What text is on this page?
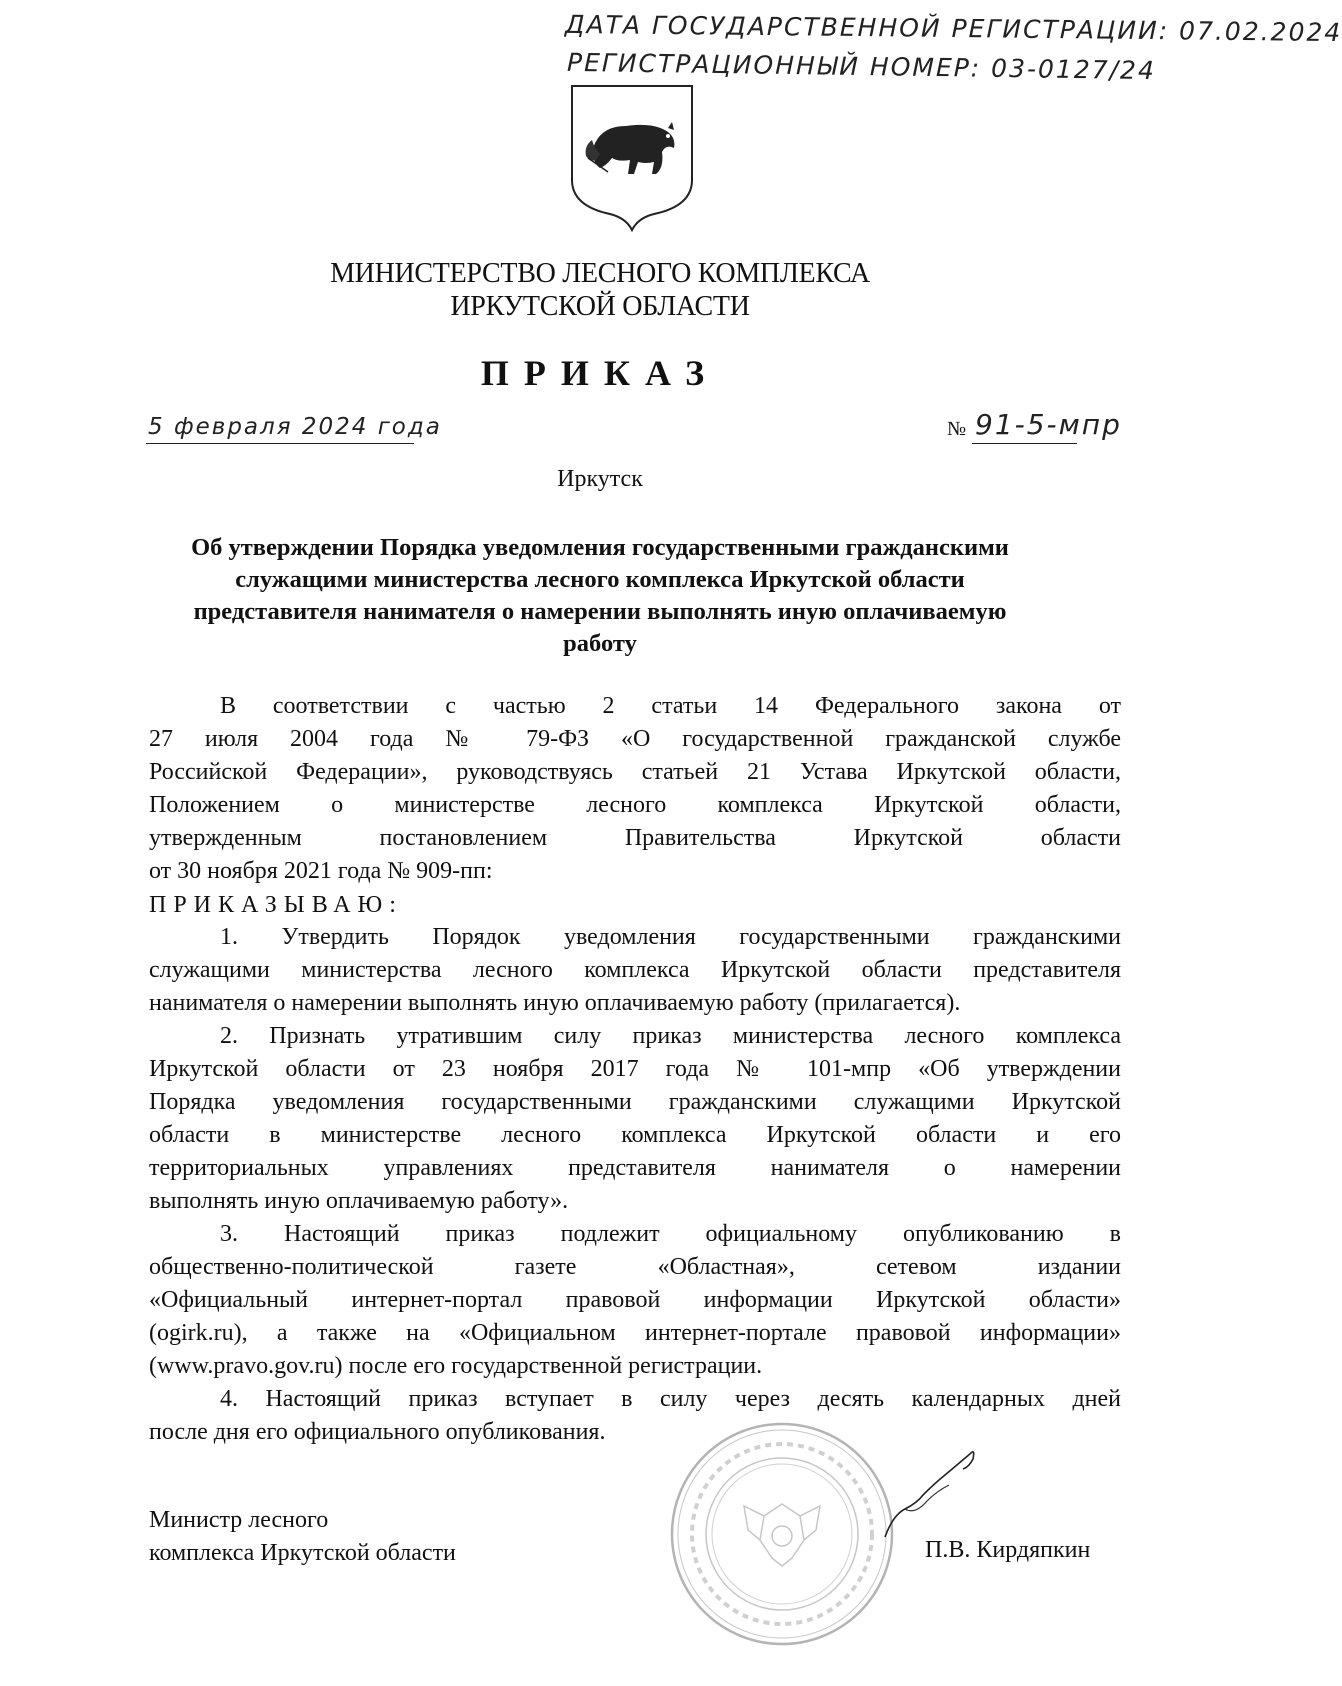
ДАТА ГОСУДАРСТВЕННОЙ РЕГИСТРАЦИИ: 07.02.2024
РЕГИСТРАЦИОННЫЙ НОМЕР: 03-0127/24
МИНИСТЕРСТВО ЛЕСНОГО КОМПЛЕКСА
ИРКУТСКОЙ ОБЛАСТИ
ПРИКАЗ
5 февраля 2024 года	№ 91-5-мпр
Иркутск
Об утверждении Порядка уведомления государственными гражданскими
служащими министерства лесного комплекса Иркутской области
представителя нанимателя о намерении выполнять иную оплачиваемую
работу
В соответствии с частью 2 статьи 14 Федерального закона от
27 июля 2004 года № 79-ФЗ «О государственной гражданской службе
Российской Федерации», руководствуясь статьей 21 Устава Иркутской области,
Положением о министерстве лесного комплекса Иркутской области,
утвержденным постановлением Правительства Иркутской области
от 30 ноября 2021 года № 909-пп:
ПРИКАЗЫВАЮ:
1. Утвердить Порядок уведомления государственными гражданскими
служащими министерства лесного комплекса Иркутской области представителя
нанимателя о намерении выполнять иную оплачиваемую работу (прилагается).
2. Признать утратившим силу приказ министерства лесного комплекса
Иркутской области от 23 ноября 2017 года № 101-мпр «Об утверждении
Порядка уведомления государственными гражданскими служащими Иркутской
области в министерстве лесного комплекса Иркутской области и его
территориальных управлениях представителя нанимателя о намерении
выполнять иную оплачиваемую работу».
3. Настоящий приказ подлежит официальному опубликованию в
общественно-политической газете «Областная», сетевом издании
«Официальный интернет-портал правовой информации Иркутской области»
(ogirk.ru), а также на «Официальном интернет-портале правовой информации»
(www.pravo.gov.ru) после его государственной регистрации.
4. Настоящий приказ вступает в силу через десять календарных дней
после дня его официального опубликования.
Министр лесного
комплекса Иркутской области	П.В. Кирдяпкин
